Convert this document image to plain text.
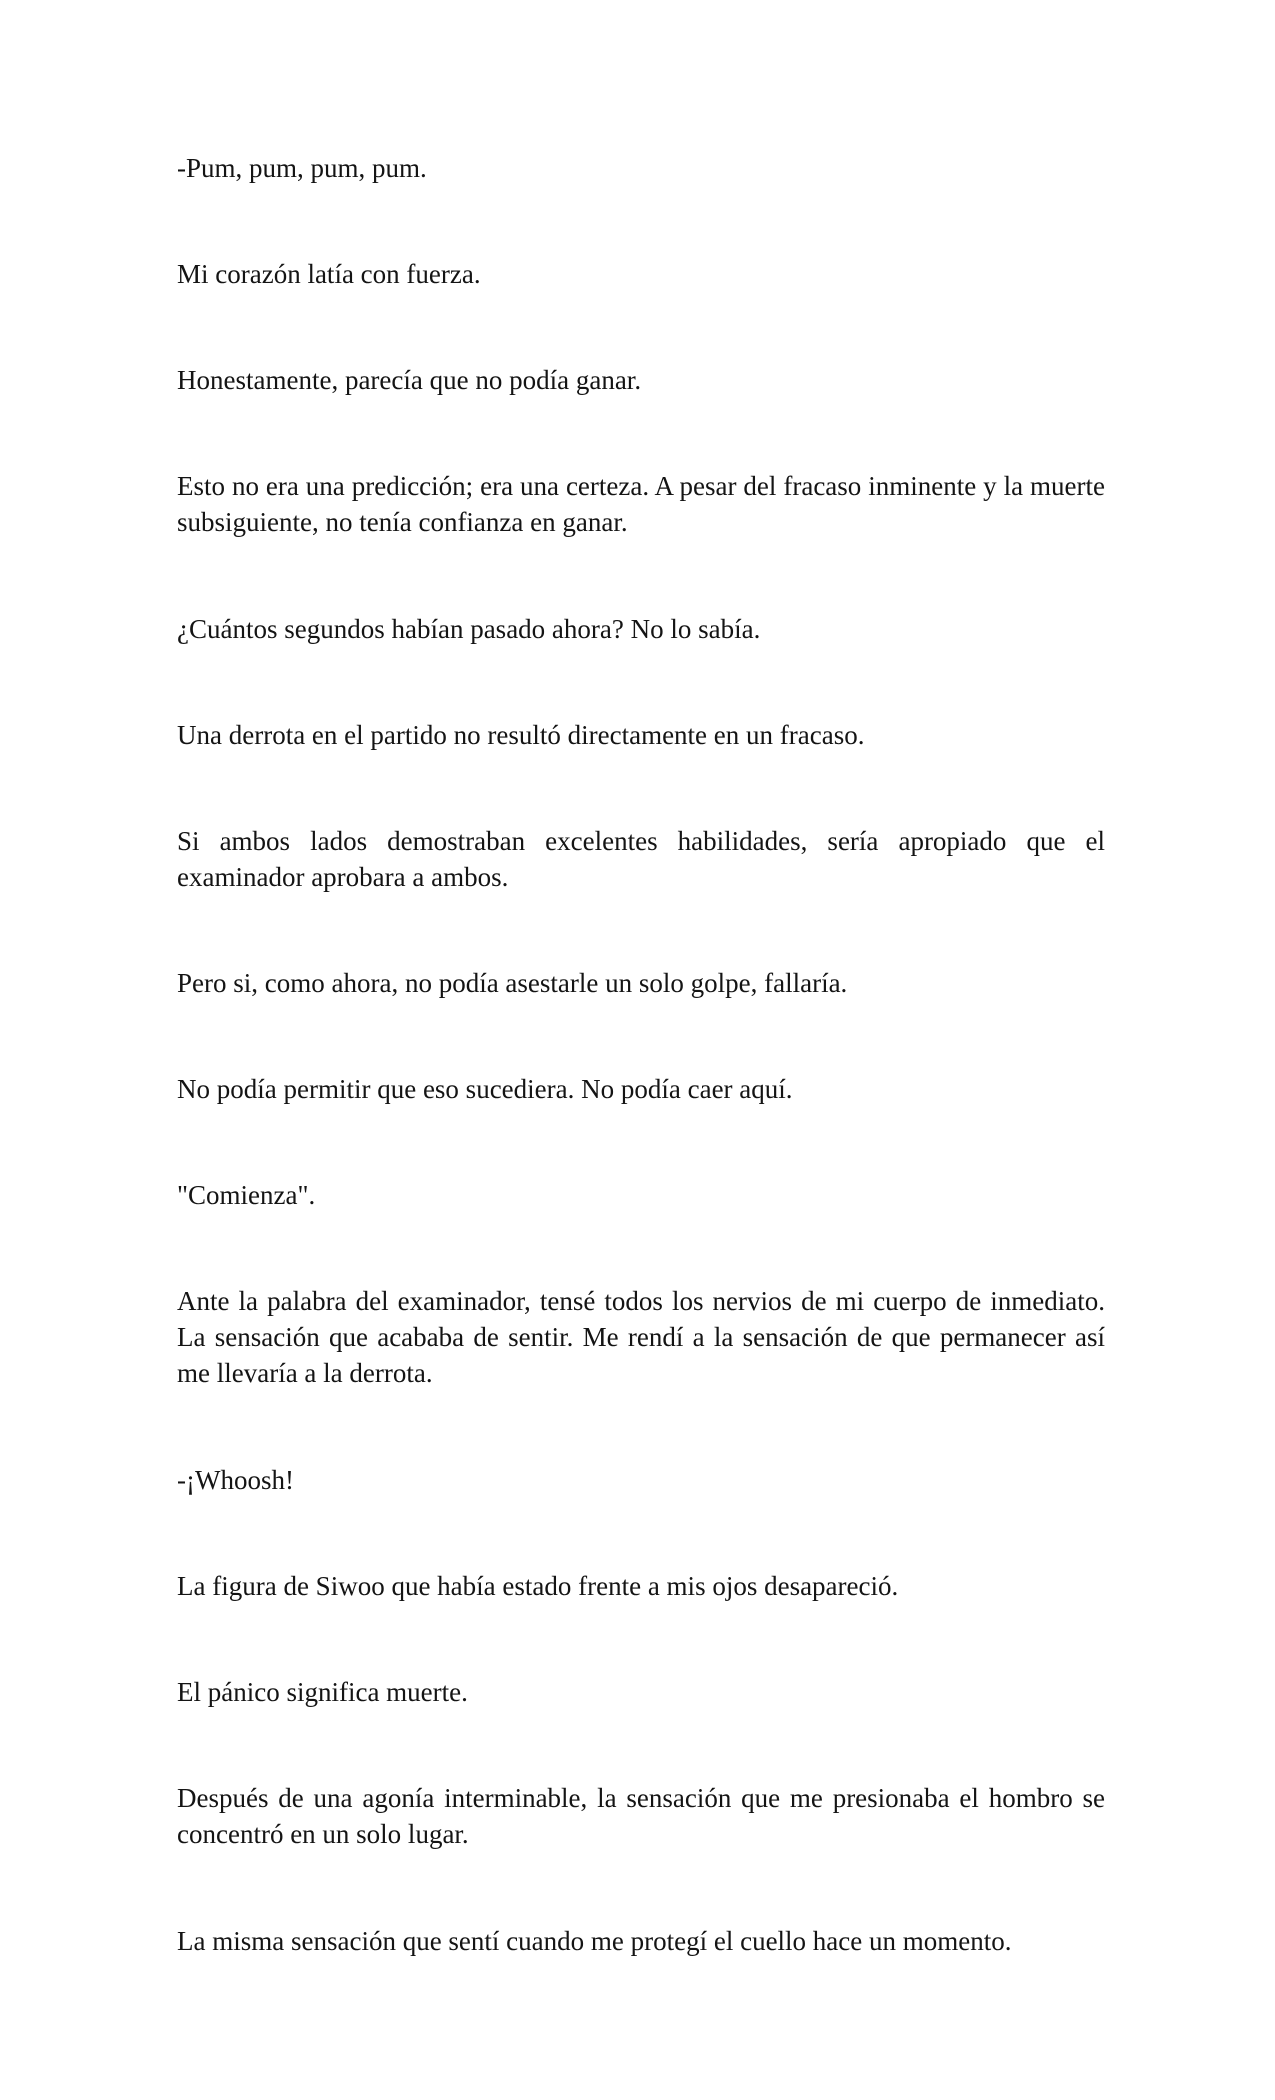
-Pum, pum, pum, pum.

Mi corazón latía con fuerza.

Honestamente, parecía que no podía ganar.

Esto no era una predicción; era una certeza. A pesar del fracaso inminente y la muerte subsiguiente, no tenía confianza en ganar.

¿Cuántos segundos habían pasado ahora? No lo sabía.

Una derrota en el partido no resultó directamente en un fracaso.

Si ambos lados demostraban excelentes habilidades, sería apropiado que el examinador aprobara a ambos.

Pero si, como ahora, no podía asestarle un solo golpe, fallaría.

No podía permitir que eso sucediera. No podía caer aquí.

"Comienza".

Ante la palabra del examinador, tensé todos los nervios de mi cuerpo de inmediato. La sensación que acababa de sentir. Me rendí a la sensación de que permanecer así me llevaría a la derrota.

-¡Whoosh!

La figura de Siwoo que había estado frente a mis ojos desapareció.

El pánico significa muerte.

Después de una agonía interminable, la sensación que me presionaba el hombro se concentró en un solo lugar.

La misma sensación que sentí cuando me protegí el cuello hace un momento.
